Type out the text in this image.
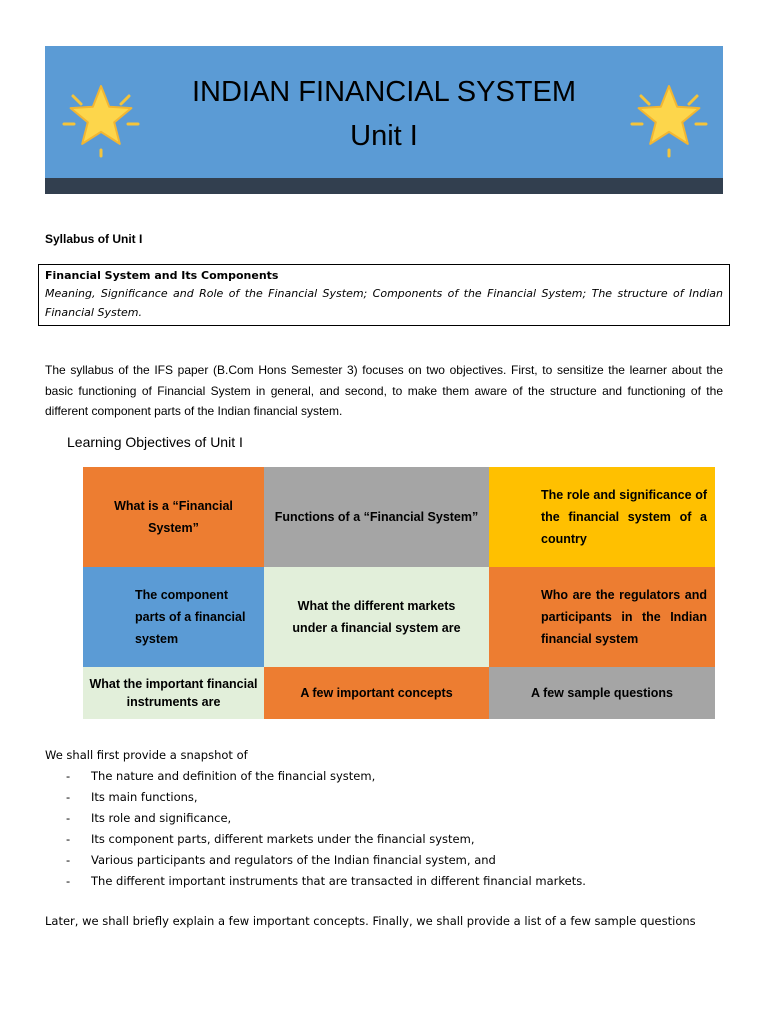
INDIAN FINANCIAL SYSTEM
Unit I
Syllabus of Unit I
Financial System and Its Components
Meaning, Significance and Role of the Financial System; Components of the Financial System; The structure of Indian Financial System.
The syllabus of the IFS paper (B.Com Hons Semester 3) focuses on two objectives. First, to sensitize the learner about the basic functioning of Financial System in general, and second, to make them aware of the structure and functioning of the different component parts of the Indian financial system.
Learning Objectives of Unit I
What is a “Financial System”
Functions of a “Financial System”
The role and significance of the financial system of a country
The component parts of a financial system
What the different markets under a financial system are
Who are the regulators and participants in the Indian financial system
What the important financial instruments are
A few important concepts	A few sample questions
We shall first provide a snapshot of
- The nature and definition of the financial system,
- Its main functions,
- Its role and significance,
- Its component parts, different markets under the financial system,
- Various participants and regulators of the Indian financial system, and
- The different important instruments that are transacted in different financial markets.
Later, we shall briefly explain a few important concepts. Finally, we shall provide a list of a few sample questions
